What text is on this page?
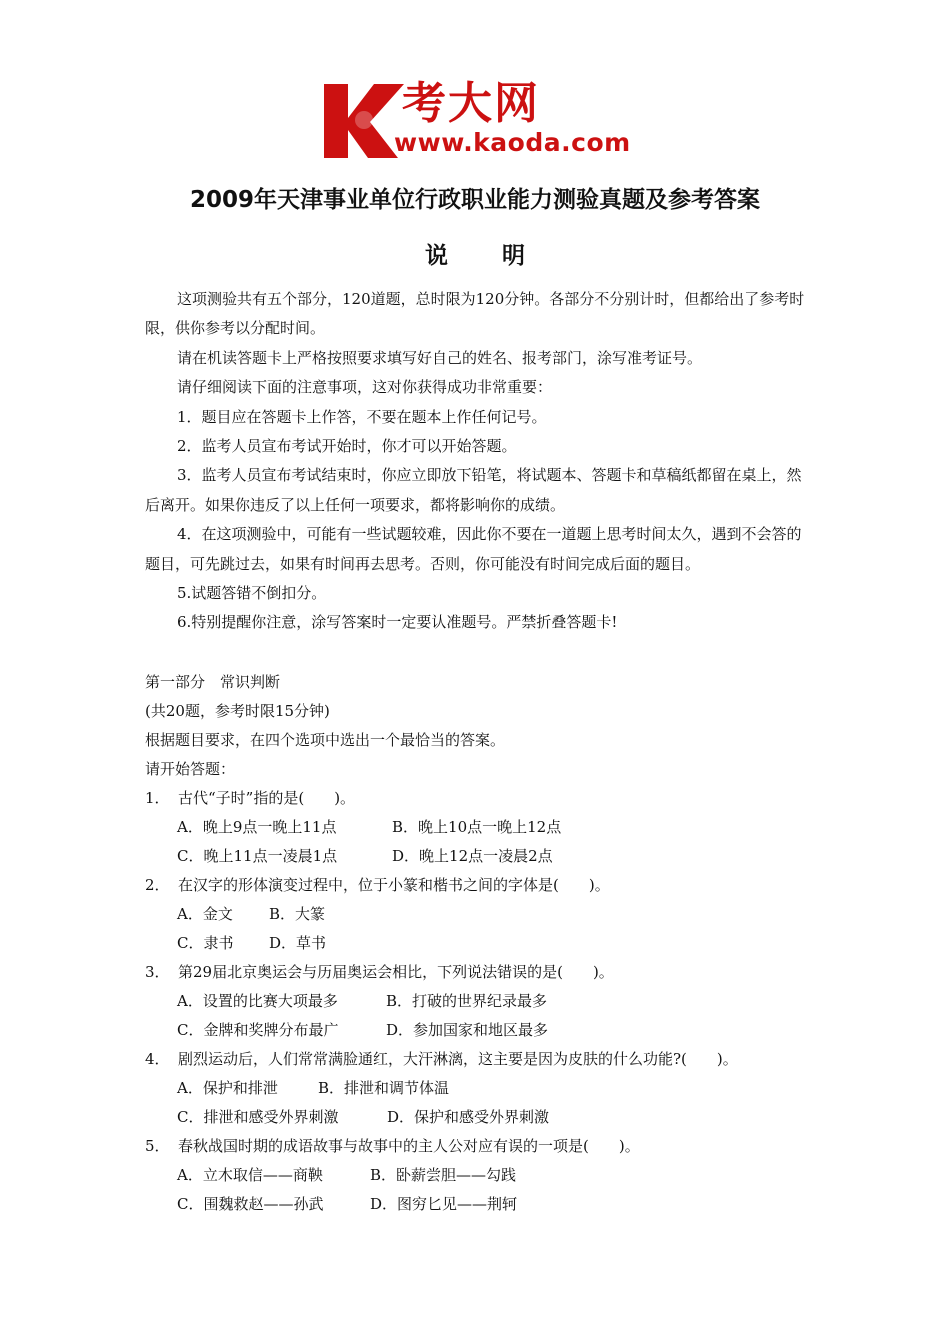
考大网
www.kaoda.com
2009年天津事业单位行政职业能力测验真题及参考答案
说 明

这项测验共有五个部分，120道题，总时限为120分钟。各部分不分别计时，但都给出了参考时限，供你参考以分配时间。

请在机读答题卡上严格按照要求填写好自己的姓名、报考部门，涂写准考证号。

请仔细阅读下面的注意事项，这对你获得成功非常重要：

1．题目应在答题卡上作答，不要在题本上作任何记号。

2．监考人员宣布考试开始时，你才可以开始答题。

3．监考人员宣布考试结束时，你应立即放下铅笔，将试题本、答题卡和草稿纸都留在桌上，然后离开。如果你违反了以上任何一项要求，都将影响你的成绩。

4．在这项测验中，可能有一些试题较难，因此你不要在一道题上思考时间太久，遇到不会答的题目，可先跳过去，如果有时间再去思考。否则，你可能没有时间完成后面的题目。

5.试题答错不倒扣分。

6.特别提醒你注意，涂写答案时一定要认准题号。严禁折叠答题卡!

第一部分　常识判断
(共20题，参考时限15分钟)
根据题目要求，在四个选项中选出一个最恰当的答案。
请开始答题：
1． 古代“子时”指的是(　　)。
A．晚上9点一晚上11点	B．晚上10点一晚上12点
C．晚上11点一凌晨1点	D．晚上12点一凌晨2点
2． 在汉字的形体演变过程中，位于小篆和楷书之间的字体是(　　)。
A．金文 B．大篆
C．隶书 D．草书
3． 第29届北京奥运会与历届奥运会相比，下列说法错误的是(　　)。
A．设置的比赛大项最多	B．打破的世界纪录最多
C．金牌和奖牌分布最广	D．参加国家和地区最多
4． 剧烈运动后，人们常常满脸通红，大汗淋漓，这主要是因为皮肤的什么功能?(　　)。
A．保护和排泄	B．排泄和调节体温
C．排泄和感受外界刺激	D．保护和感受外界刺激
5． 春秋战国时期的成语故事与故事中的主人公对应有误的一项是(　　)。
A．立木取信——商鞅	B．卧薪尝胆——勾践
C．围魏救赵——孙武	D．图穷匕见——荆轲
